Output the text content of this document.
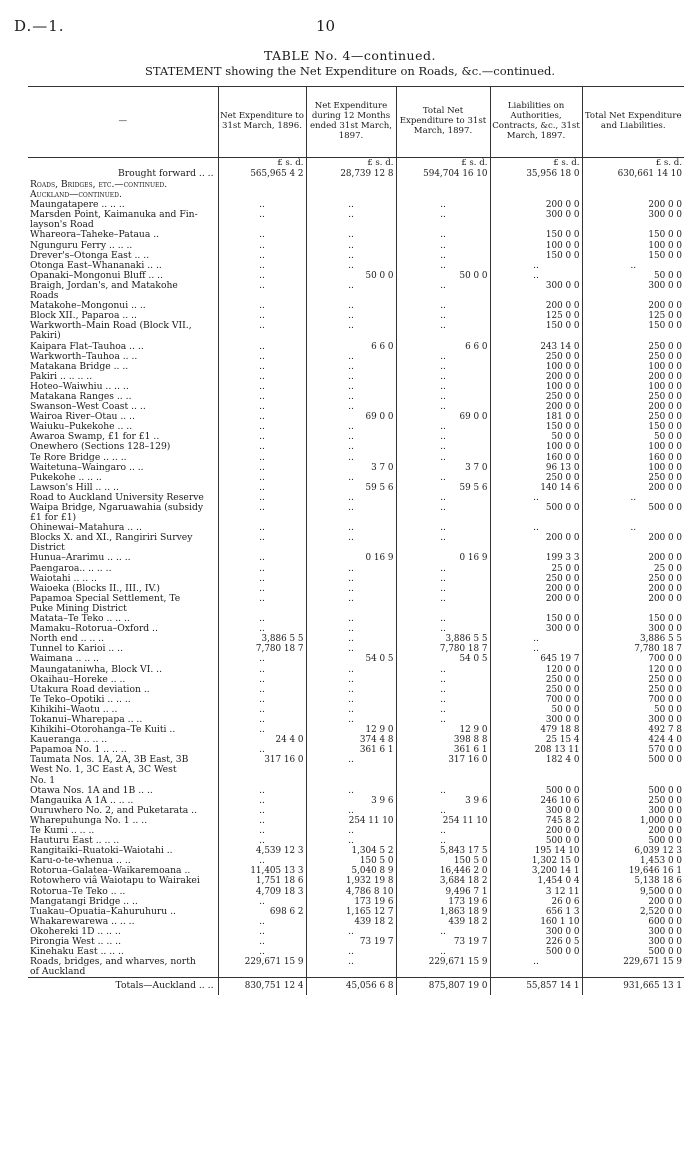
D.—1.	10
TABLE No. 4—continued.
STATEMENT showing the Net Expenditure on Roads, &c.—continued.
—	Net Expenditure to 31st March, 1896.	Net Expenditure during 12 Months ended 31st March, 1897.	Total Net Expenditure to 31st March, 1897.	Liabilities on Authorities, Contracts, &c., 31st March, 1897.	Total Net Expenditure and Liabilities.
	£ s. d.	£ s. d.	£ s. d.	£ s. d.	£ s. d.
Brought forward .. ..	565,965 4 2	28,739 12 8	594,704 16 10	35,956 18 0	630,661 14 10
Roads, Bridges, etc.—continued.					
Auckland—continued.					
Maungatapere .. .. ..	..	..	..	200 0 0	200 0 0
Marsden Point, Kaimanuka and Fin-	..	..	..	300 0 0	300 0 0
layson's Road					
Whareora–Taheke–Pataua ..	..	..	..	150 0 0	150 0 0
Ngunguru Ferry .. .. ..	..	..	..	100 0 0	100 0 0
Drever's–Otonga East .. ..	..	..	..	150 0 0	150 0 0
Otonga East–Whananaki .. ..	..	..	..	..	..
Opanaki–Mongonui Bluff .. ..	..	50 0 0	50 0 0	..	50 0 0
Braigh, Jordan's, and Matakohe	..	..	..	300 0 0	300 0 0
Roads					
Matakohe–Mongonui .. ..	..	..	..	200 0 0	200 0 0
Block XII., Paparoa .. ..	..	..	..	125 0 0	125 0 0
Warkworth–Main Road (Block VII.,	..	..	..	150 0 0	150 0 0
Pakiri)					
Kaipara Flat–Tauhoa .. ..	..	6 6 0	6 6 0	243 14 0	250 0 0
Warkworth–Tauhoa .. ..	..	..	..	250 0 0	250 0 0
Matakana Bridge .. ..	..	..	..	100 0 0	100 0 0
Pakiri .. .. .. ..	..	..	..	200 0 0	200 0 0
Hoteo–Waiwhiu .. .. ..	..	..	..	100 0 0	100 0 0
Matakana Ranges .. ..	..	..	..	250 0 0	250 0 0
Swanson–West Coast .. ..	..	..	..	200 0 0	200 0 0
Wairoa River–Otau .. ..	..	69 0 0	69 0 0	181 0 0	250 0 0
Waiuku–Pukekohe .. ..	..	..	..	150 0 0	150 0 0
Awaroa Swamp, £1 for £1 ..	..	..	..	50 0 0	50 0 0
Onewhero (Sections 128–129)	..	..	..	100 0 0	100 0 0
Te Rore Bridge .. .. ..	..	..	..	160 0 0	160 0 0
Waitetuna–Waingaro .. ..	..	3 7 0	3 7 0	96 13 0	100 0 0
Pukekohe .. .. ..	..	..	..	250 0 0	250 0 0
Lawson's Hill .. .. ..	..	59 5 6	59 5 6	140 14 6	200 0 0
Road to Auckland University Reserve	..	..	..	..	..
Waipa Bridge, Ngaruawahia (subsidy	..	..	..	500 0 0	500 0 0
£1 for £1)					
Ohinewai–Matahura .. ..	..	..	..	..	..
Blocks X. and XI., Rangiriri Survey	..	..	..	200 0 0	200 0 0
District					
Hunua–Ararimu .. .. ..	..	0 16 9	0 16 9	199 3 3	200 0 0
Paengaroa.. .. .. ..	..	..	..	25 0 0	25 0 0
Waiotahi .. .. ..	..	..	..	250 0 0	250 0 0
Waioeka (Blocks II., III., IV.)	..	..	..	200 0 0	200 0 0
Papamoa Special Settlement, Te	..	..	..	200 0 0	200 0 0
Puke Mining District					
Matata–Te Teko .. .. ..	..	..	..	150 0 0	150 0 0
Mamaku–Rotorua–Oxford ..	..	..	..	300 0 0	300 0 0
North end .. .. ..	3,886 5 5	..	3,886 5 5	..	3,886 5 5
Tunnel to Karioi .. ..	7,780 18 7	..	7,780 18 7	..	7,780 18 7
Waimana .. .. ..	..	54 0 5	54 0 5	645 19 7	700 0 0
Maungataniwha, Block VI. ..	..	..	..	120 0 0	120 0 0
Okaihau–Horeke .. ..	..	..	..	250 0 0	250 0 0
Utakura Road deviation ..	..	..	..	250 0 0	250 0 0
Te Teko–Opotiki .. .. ..	..	..	..	700 0 0	700 0 0
Kihikihi–Waotu .. ..	..	..	..	50 0 0	50 0 0
Tokanui–Wharepapa .. ..	..	..	..	300 0 0	300 0 0
Kihikihi–Otorohanga–Te Kuiti ..	..	12 9 0	12 9 0	479 18 8	492 7 8
Kaueranga .. .. ..	24 4 0	374 4 8	398 8 8	25 15 4	424 4 0
Papamoa No. 1 .. .. ..	..	361 6 1	361 6 1	208 13 11	570 0 0
Taumata Nos. 1A, 2A, 3B East, 3B	317 16 0	..	317 16 0	182 4 0	500 0 0
West No. 1, 3C East A, 3C West					
No. 1					
Otawa Nos. 1A and 1B .. ..	..	..	..	500 0 0	500 0 0
Mangauika A 1A .. .. ..	..	3 9 6	3 9 6	246 10 6	250 0 0
Ouruwhero No. 2, and Puketarata ..	..	..	..	300 0 0	300 0 0
Wharepuhunga No. 1 .. ..	..	254 11 10	254 11 10	745 8 2	1,000 0 0
Te Kumi .. .. ..	..	..	..	200 0 0	200 0 0
Hauturu East .. .. ..	..	..	..	500 0 0	500 0 0
Rangitaiki–Ruatoki–Waiotahi ..	4,539 12 3	1,304 5 2	5,843 17 5	195 14 10	6,039 12 3
Karu-o-te-whenua .. ..	..	150 5 0	150 5 0	1,302 15 0	1,453 0 0
Rotorua–Galatea–Waikaremoana ..	11,405 13 3	5,040 8 9	16,446 2 0	3,200 14 1	19,646 16 1
Rotowhero viâ Waiotapu to Wairakei	1,751 18 6	1,932 19 8	3,684 18 2	1,454 0 4	5,138 18 6
Rotorua–Te Teko .. ..	4,709 18 3	4,786 8 10	9,496 7 1	3 12 11	9,500 0 0
Mangatangi Bridge .. ..	..	173 19 6	173 19 6	26 0 6	200 0 0
Tuakau–Opuatia–Kahuruhuru ..	698 6 2	1,165 12 7	1,863 18 9	656 1 3	2,520 0 0
Whakarewarewa .. .. ..	..	439 18 2	439 18 2	160 1 10	600 0 0
Okohereki 1D .. .. ..	..	..	..	300 0 0	300 0 0
Pirongia West .. .. ..	..	73 19 7	73 19 7	226 0 5	300 0 0
Kinehaku East .. .. ..	..	..	..	500 0 0	500 0 0
Roads, bridges, and wharves, north	229,671 15 9	..	229,671 15 9	..	229,671 15 9
of Auckland					
Totals—Auckland .. ..	830,751 12 4	45,056 6 8	875,807 19 0	55,857 14 1	931,665 13 1
